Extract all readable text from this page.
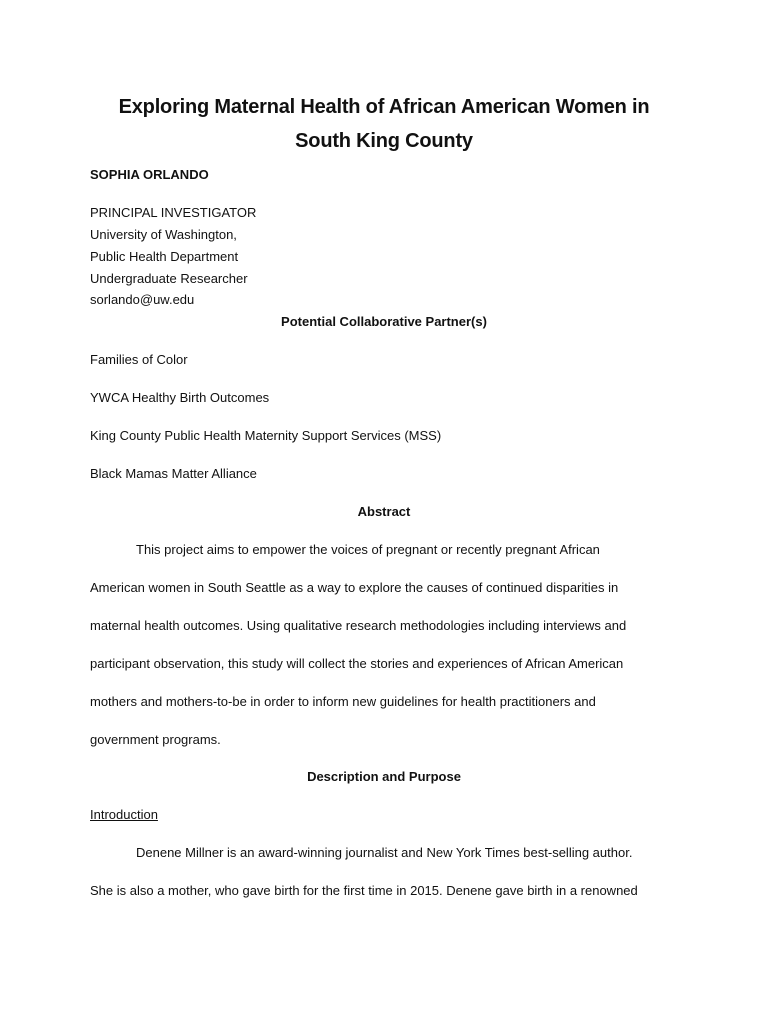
Exploring Maternal Health of African American Women in
South King County
SOPHIA ORLANDO
PRINCIPAL INVESTIGATOR
University of Washington,
Public Health Department
Undergraduate Researcher
sorlando@uw.edu
Potential Collaborative Partner(s)
Families of Color
YWCA Healthy Birth Outcomes
King County Public Health Maternity Support Services (MSS)
Black Mamas Matter Alliance
Abstract
This project aims to empower the voices of pregnant or recently pregnant African
American women in South Seattle as a way to explore the causes of continued disparities in
maternal health outcomes. Using qualitative research methodologies including interviews and
participant observation, this study will collect the stories and experiences of African American
mothers and mothers-to-be in order to inform new guidelines for health practitioners and
government programs.
Description and Purpose
Introduction
Denene Millner is an award-winning journalist and New York Times best-selling author.
She is also a mother, who gave birth for the first time in 2015. Denene gave birth in a renowned
